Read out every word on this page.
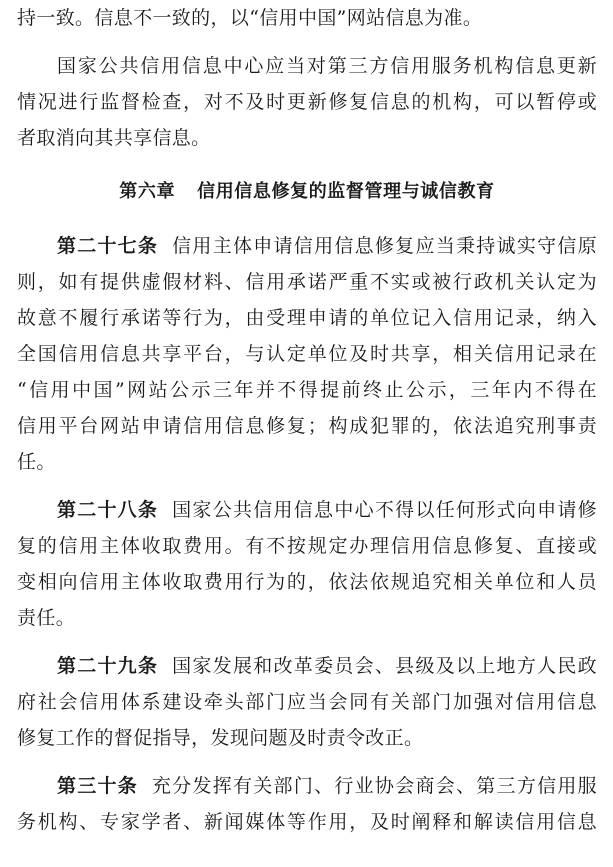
持一致。信息不一致的，以“信用中国”网站信息为准。
国家公共信用信息中心应当对第三方信用服务机构信息更新
情况进行监督检查，对不及时更新修复信息的机构，可以暂停或
者取消向其共享信息。
第六章 信用信息修复的监督管理与诚信教育
第二十七条 信用主体申请信用信息修复应当秉持诚实守信原
则，如有提供虚假材料、信用承诺严重不实或被行政机关认定为
故意不履行承诺等行为，由受理申请的单位记入信用记录，纳入
全国信用信息共享平台，与认定单位及时共享，相关信用记录在
“信用中国”网站公示三年并不得提前终止公示，三年内不得在
信用平台网站申请信用信息修复；构成犯罪的，依法追究刑事责
任。
第二十八条 国家公共信用信息中心不得以任何形式向申请修
复的信用主体收取费用。有不按规定办理信用信息修复、直接或
变相向信用主体收取费用行为的，依法依规追究相关单位和人员
责任。
第二十九条 国家发展和改革委员会、县级及以上地方人民政
府社会信用体系建设牵头部门应当会同有关部门加强对信用信息
修复工作的督促指导，发现问题及时责令改正。
第三十条 充分发挥有关部门、行业协会商会、第三方信用服
务机构、专家学者、新闻媒体等作用，及时阐释和解读信用信息
